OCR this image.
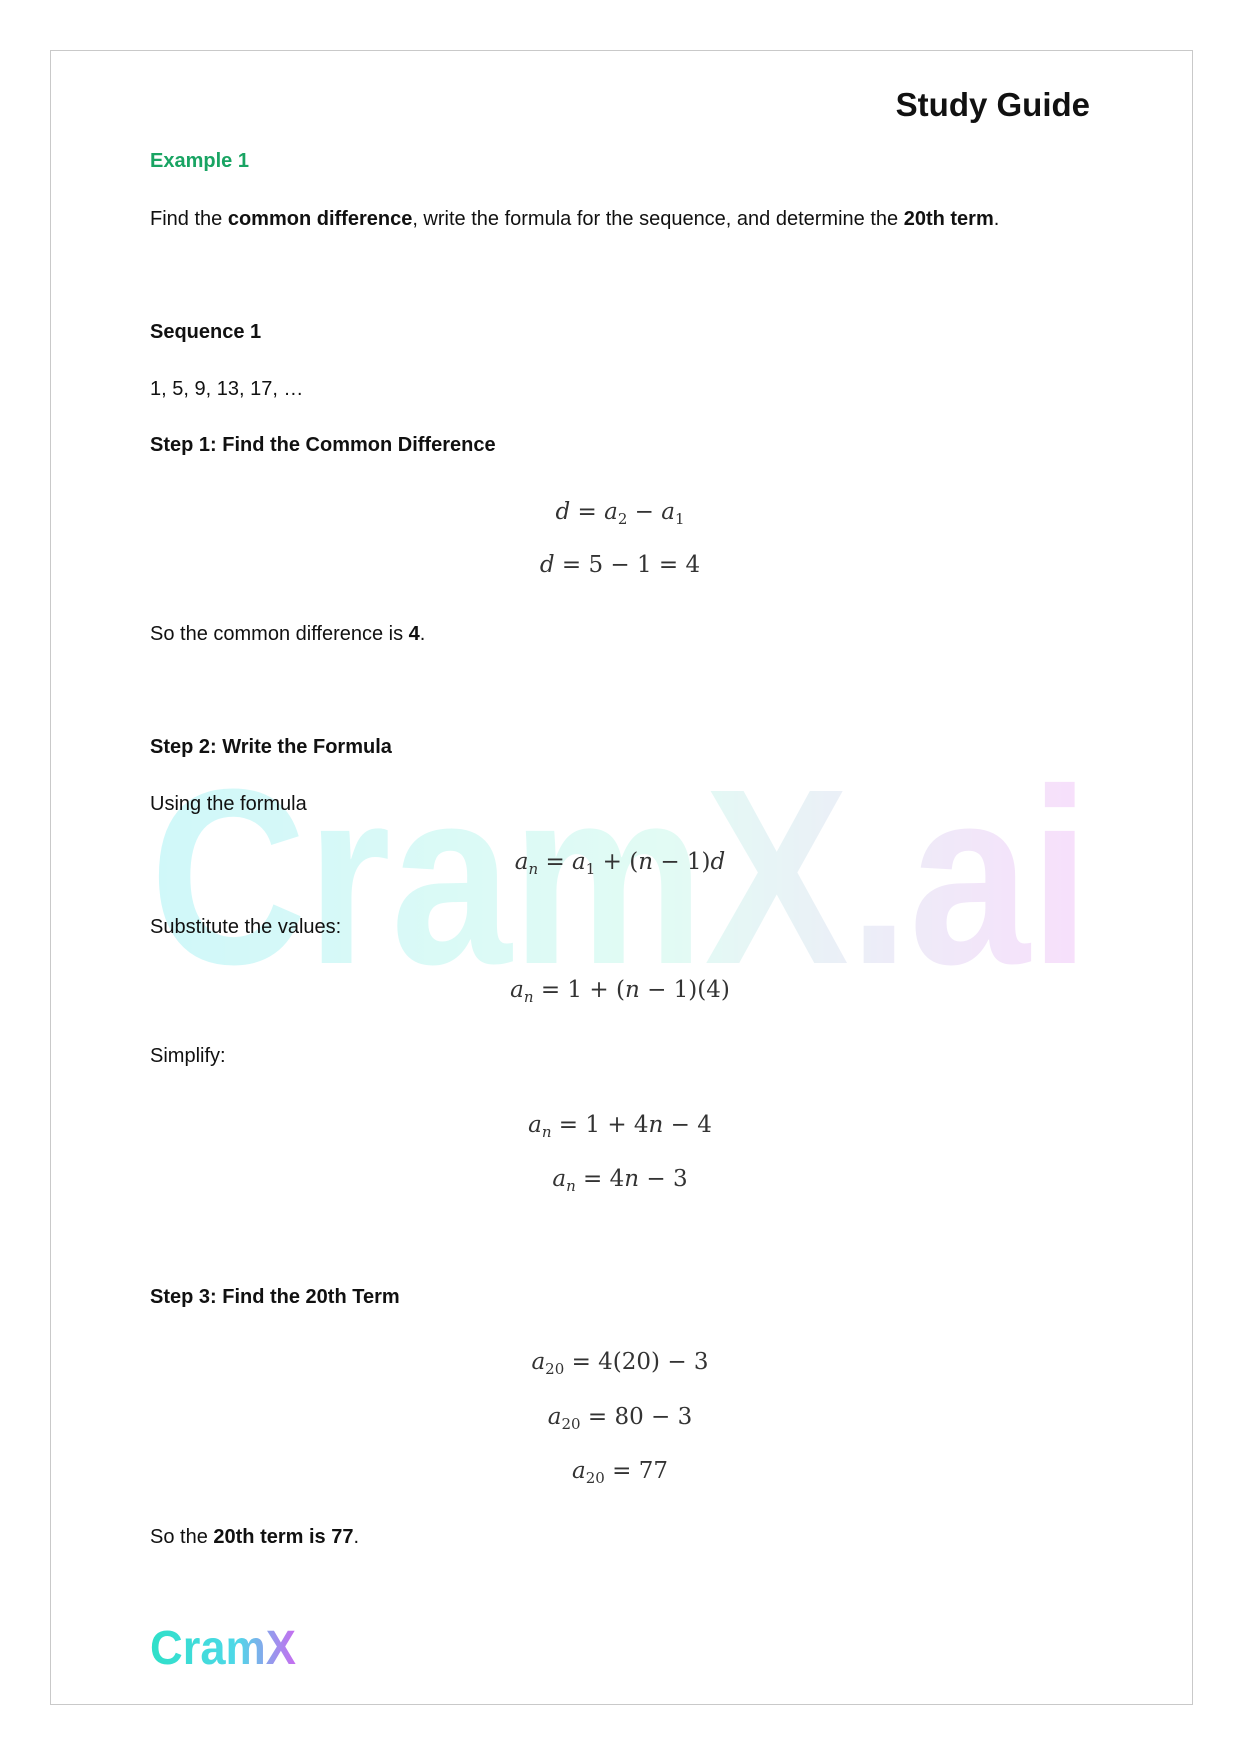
CramX.ai
Study Guide
Example 1
Find the common difference, write the formula for the sequence, and determine the 20th term.
Sequence 1
1, 5, 9, 13, 17, …
Step 1: Find the Common Difference
$d = a_2 - a_1$
d = 5 − 1 = 4
So the common difference is 4.
Step 2: Write the Formula
Using the formula
$a_n = a_1 + (n - 1)d$
Substitute the values:
$a_n = 1 + (n - 1)(4)$
Simplify:
$a_n = 1 + 4n - 4$
$a_n = 4n - 3$
Step 3: Find the 20th Term
$a_{20} = 4(20) - 3$
$a_{20} = 80 - 3$
$a_{20} = 77$
So the 20th term is 77.
CramX
